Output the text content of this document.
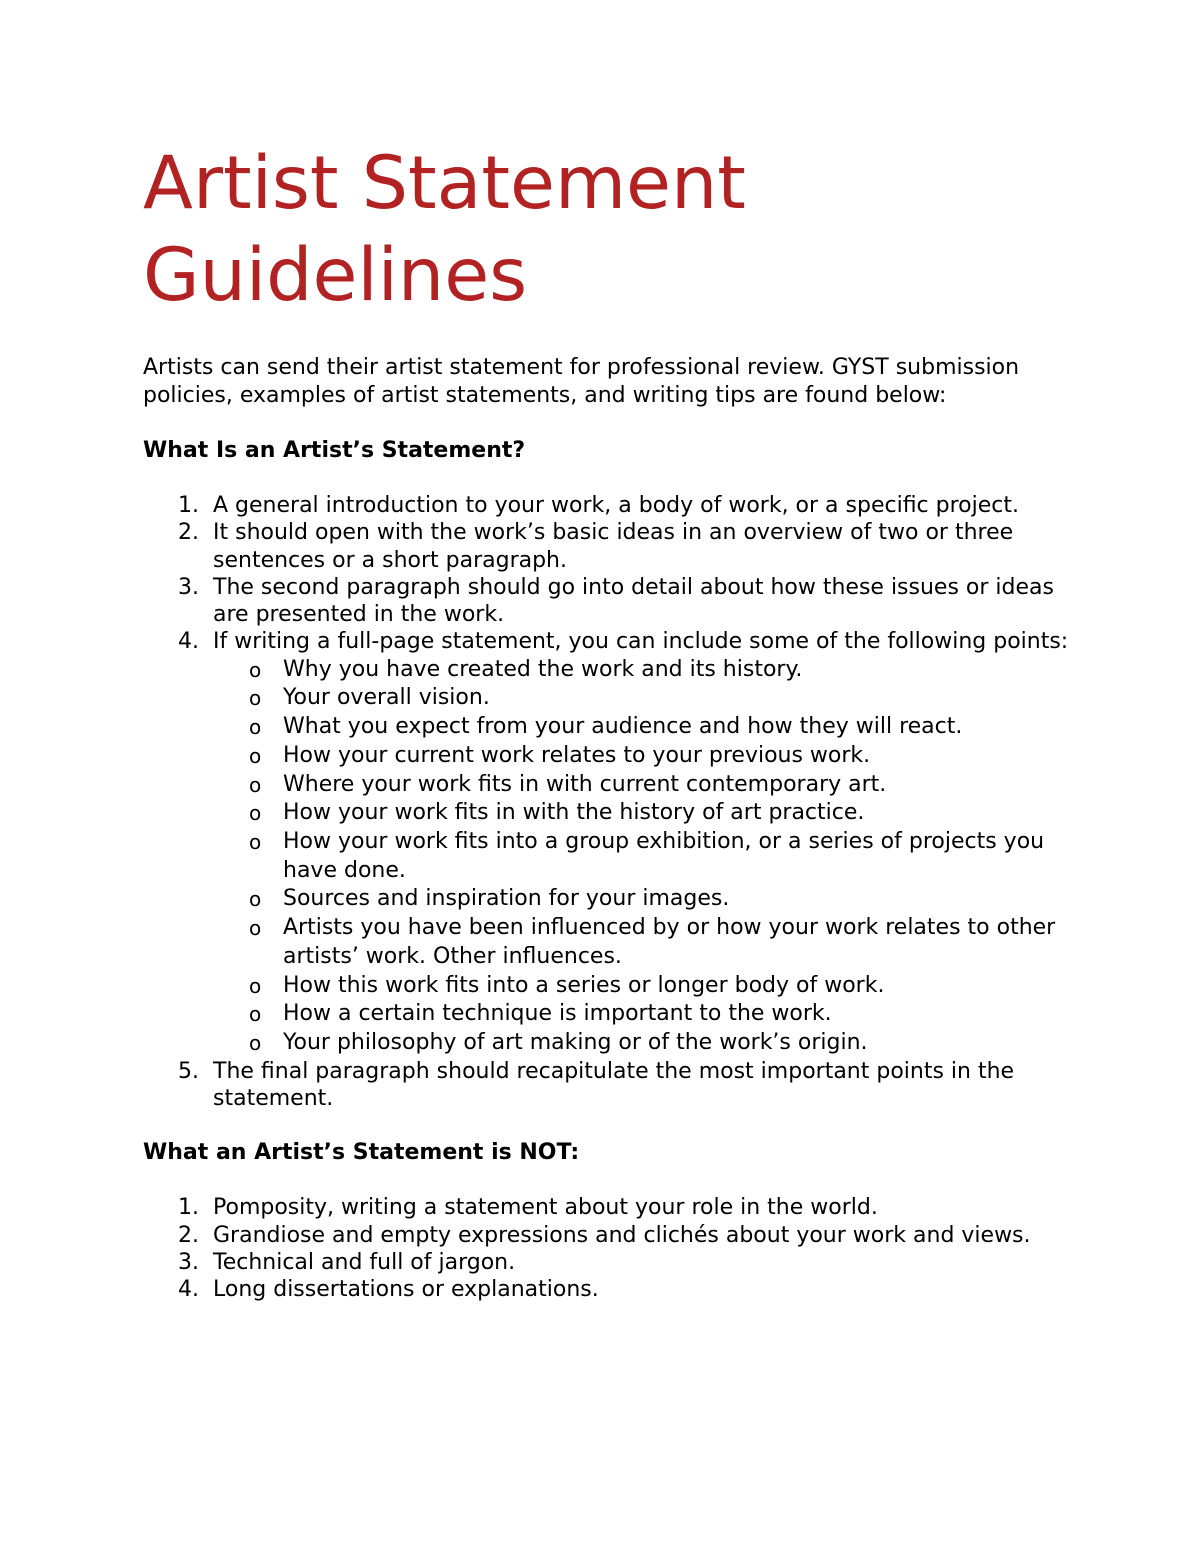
Artist Statement
Guidelines

Artists can send their artist statement for professional review. GYST submission policies, examples of artist statements, and writing tips are found below:

What Is an Artist’s Statement?
1. A general introduction to your work, a body of work, or a specific project.
2. It should open with the work’s basic ideas in an overview of two or three sentences or a short paragraph.
3. The second paragraph should go into detail about how these issues or ideas are presented in the work.
4. If writing a full-page statement, you can include some of the following points:
o Why you have created the work and its history.
o Your overall vision.
o What you expect from your audience and how they will react.
o How your current work relates to your previous work.
o Where your work fits in with current contemporary art.
o How your work fits in with the history of art practice.
o How your work fits into a group exhibition, or a series of projects you have done.
o Sources and inspiration for your images.
o Artists you have been influenced by or how your work relates to other artists’ work. Other influences.
o How this work fits into a series or longer body of work.
o How a certain technique is important to the work.
o Your philosophy of art making or of the work’s origin.
5. The final paragraph should recapitulate the most important points in the statement.
What an Artist’s Statement is NOT:
1. Pomposity, writing a statement about your role in the world.
2. Grandiose and empty expressions and clichés about your work and views.
3. Technical and full of jargon.
4. Long dissertations or explanations.
